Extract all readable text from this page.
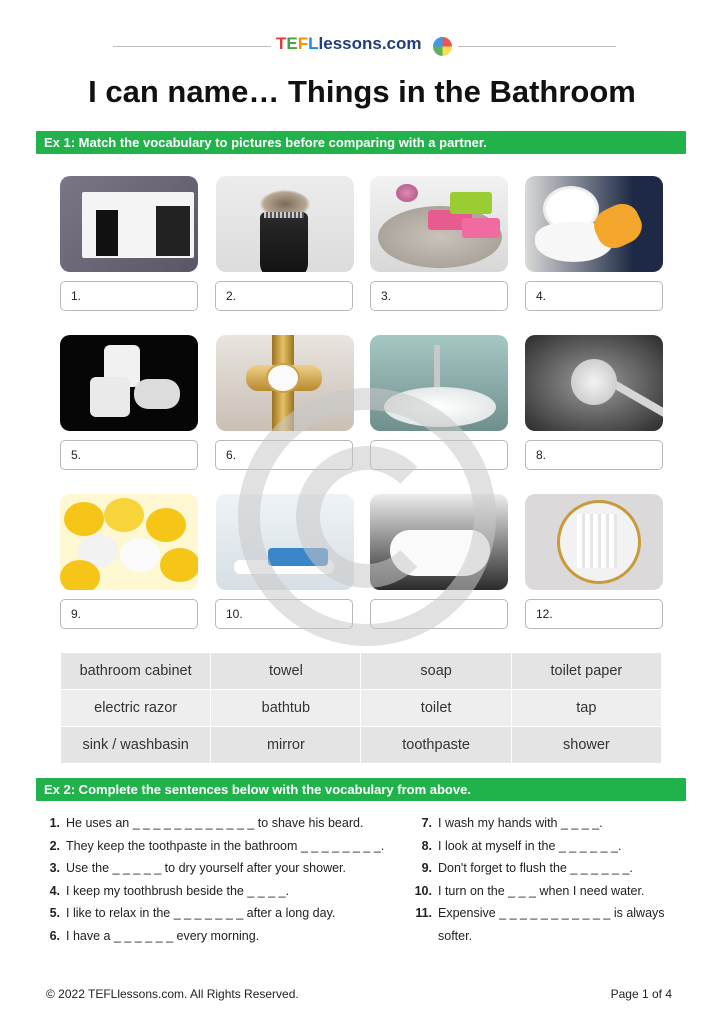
TEFLlessons.com
I can name… Things in the Bathroom
Ex 1: Match the vocabulary to pictures before comparing with a partner.
1.	2.	3.	4.
5.	6.	8.
9.	10.	12.
bathroom cabinet	towel	soap	toilet paper
electric razor	bathtub	toilet	tap
sink / washbasin	mirror	toothpaste	shower
Ex 2: Complete the sentences below with the vocabulary from above.
1. He uses an _ _ _ _ _ _ _ _ _ _ _ _ to shave his beard.
2. They keep the toothpaste in the bathroom _ _ _ _ _ _ _ _.
3. Use the _ _ _ _ _ to dry yourself after your shower.
4. I keep my toothbrush beside the _ _ _ _.
5. I like to relax in the _ _ _ _ _ _ _ after a long day.
6. I have a _ _ _ _ _ _ every morning.
7. I wash my hands with _ _ _ _.
8. I look at myself in the _ _ _ _ _ _.
9. Don't forget to flush the _ _ _ _ _ _.
10. I turn on the _ _ _ when I need water.
11. Expensive _ _ _ _ _ _ _ _ _ _ _ is always
softer.
© 2022 TEFLlessons.com. All Rights Reserved.	Page 1 of 4
